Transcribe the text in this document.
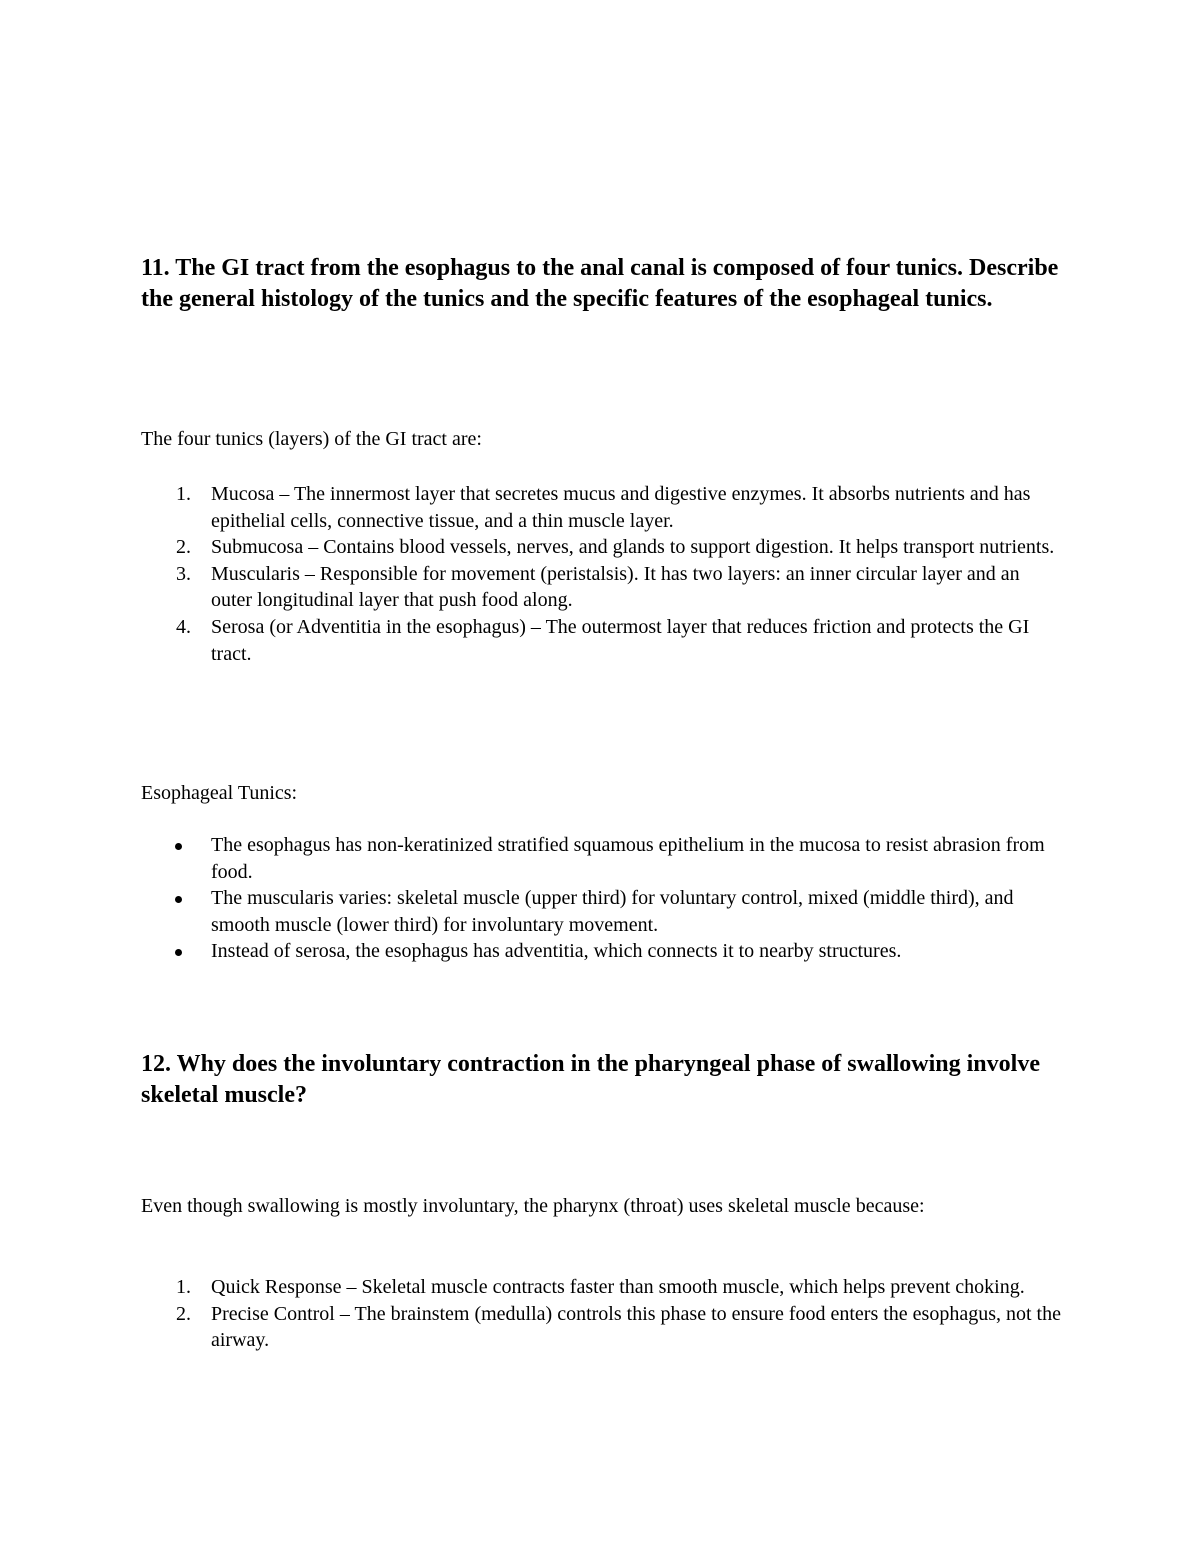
11. The GI tract from the esophagus to the anal canal is composed of four tunics. Describe the general histology of the tunics and the specific features of the esophageal tunics.

The four tunics (layers) of the GI tract are:

1. Mucosa – The innermost layer that secretes mucus and digestive enzymes. It absorbs nutrients and has epithelial cells, connective tissue, and a thin muscle layer.
2. Submucosa – Contains blood vessels, nerves, and glands to support digestion. It helps transport nutrients.
3. Muscularis – Responsible for movement (peristalsis). It has two layers: an inner circular layer and an outer longitudinal layer that push food along.
4. Serosa (or Adventitia in the esophagus) – The outermost layer that reduces friction and protects the GI tract.

Esophageal Tunics:

The esophagus has non-keratinized stratified squamous epithelium in the mucosa to resist abrasion from food.
The muscularis varies: skeletal muscle (upper third) for voluntary control, mixed (middle third), and smooth muscle (lower third) for involuntary movement.
Instead of serosa, the esophagus has adventitia, which connects it to nearby structures.
12. Why does the involuntary contraction in the pharyngeal phase of swallowing involve skeletal muscle?

Even though swallowing is mostly involuntary, the pharynx (throat) uses skeletal muscle because:

1. Quick Response – Skeletal muscle contracts faster than smooth muscle, which helps prevent choking.
2. Precise Control – The brainstem (medulla) controls this phase to ensure food enters the esophagus, not the airway.
